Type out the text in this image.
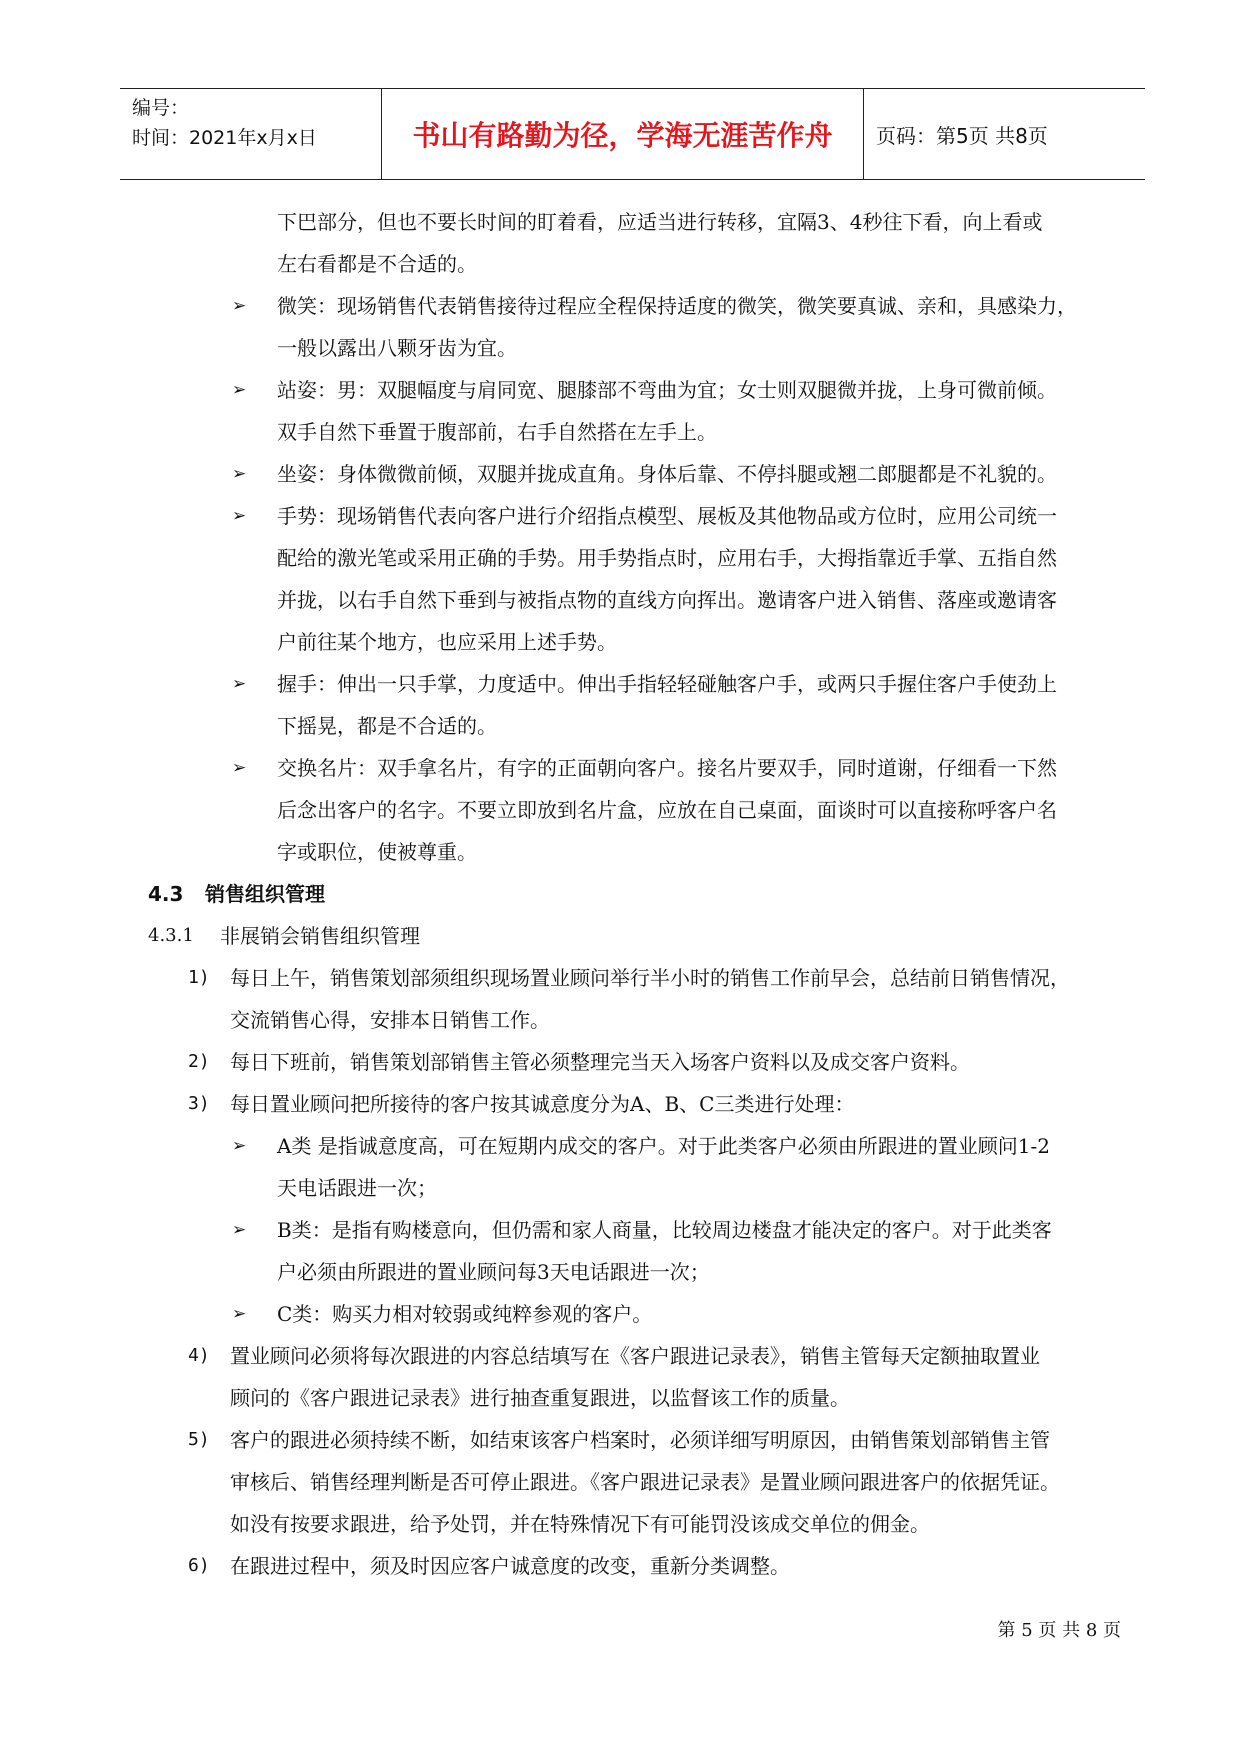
编号：
时间：2021年x月x日	书山有路勤为径，学海无涯苦作舟 页码：第5页 共8页
下巴部分，但也不要长时间的盯着看，应适当进行转移，宜隔3、4秒往下看，向上看或
左右看都是不合适的。
➢ 微笑：现场销售代表销售接待过程应全程保持适度的微笑，微笑要真诚、亲和，具感染力，
一般以露出八颗牙齿为宜。
➢ 站姿：男：双腿幅度与肩同宽、腿膝部不弯曲为宜；女士则双腿微并拢，上身可微前倾。
双手自然下垂置于腹部前，右手自然搭在左手上。
➢ 坐姿：身体微微前倾，双腿并拢成直角。身体后靠、不停抖腿或翘二郎腿都是不礼貌的。
➢ 手势：现场销售代表向客户进行介绍指点模型、展板及其他物品或方位时，应用公司统一
配给的激光笔或采用正确的手势。用手势指点时，应用右手，大拇指靠近手掌、五指自然
并拢，以右手自然下垂到与被指点物的直线方向挥出。邀请客户进入销售、落座或邀请客
户前往某个地方，也应采用上述手势。
➢ 握手：伸出一只手掌，力度适中。伸出手指轻轻碰触客户手，或两只手握住客户手使劲上
下摇晃，都是不合适的。
➢ 交换名片：双手拿名片，有字的正面朝向客户。接名片要双手，同时道谢，仔细看一下然
后念出客户的名字。不要立即放到名片盒，应放在自己桌面，面谈时可以直接称呼客户名
字或职位，使被尊重。
4.3 销售组织管理
4.3.1 非展销会销售组织管理
1) 每日上午，销售策划部须组织现场置业顾问举行半小时的销售工作前早会，总结前日销售情况，
交流销售心得，安排本日销售工作。
2) 每日下班前，销售策划部销售主管必须整理完当天入场客户资料以及成交客户资料。
3) 每日置业顾问把所接待的客户按其诚意度分为A、B、C三类进行处理：
➢ A类 是指诚意度高，可在短期内成交的客户。对于此类客户必须由所跟进的置业顾问1-2
天电话跟进一次；
➢ B类：是指有购楼意向，但仍需和家人商量，比较周边楼盘才能决定的客户。对于此类客
户必须由所跟进的置业顾问每3天电话跟进一次；
➢ C类：购买力相对较弱或纯粹参观的客户。
4) 置业顾问必须将每次跟进的内容总结填写在《客户跟进记录表》，销售主管每天定额抽取置业
顾问的《客户跟进记录表》进行抽查重复跟进，以监督该工作的质量。
5) 客户的跟进必须持续不断，如结束该客户档案时，必须详细写明原因，由销售策划部销售主管
审核后、销售经理判断是否可停止跟进。《客户跟进记录表》是置业顾问跟进客户的依据凭证。
如没有按要求跟进，给予处罚，并在特殊情况下有可能罚没该成交单位的佣金。
6) 在跟进过程中，须及时因应客户诚意度的改变，重新分类调整。
第 5 页 共 8 页
